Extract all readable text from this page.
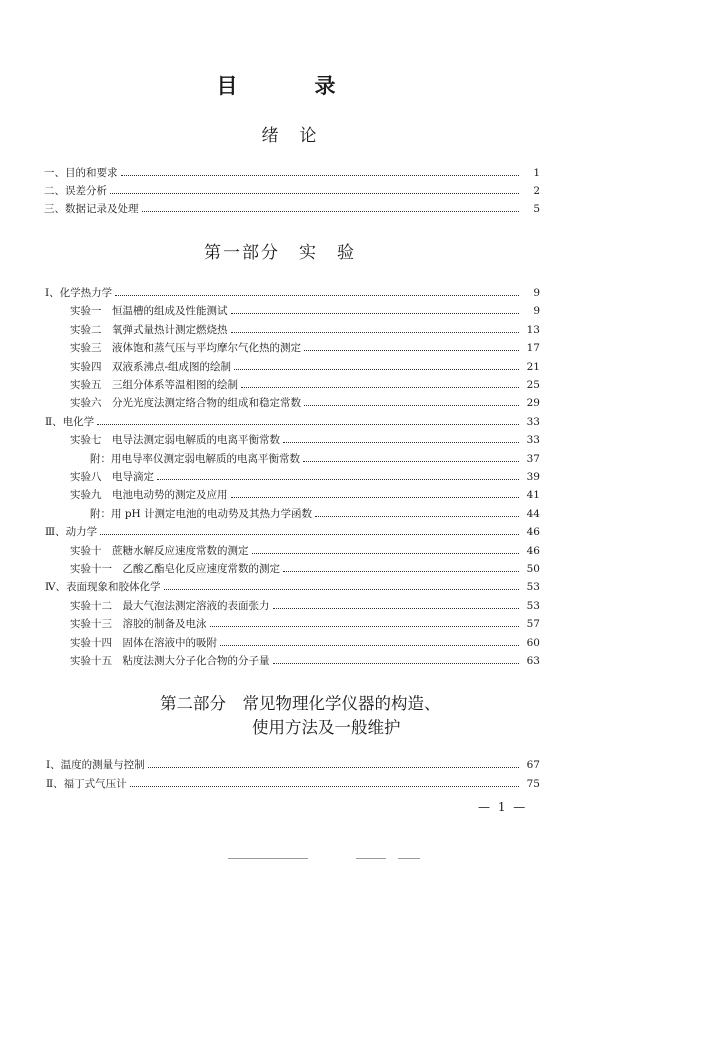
目　录
绪　论
一、目的和要求	1
二、误差分析	2
三、数据记录及处理	5
第一部分　实　验
Ⅰ、化学热力学	9
实验一　恒温槽的组成及性能测试	9
实验二　氧弹式量热计测定燃烧热	13
实验三　液体饱和蒸气压与平均摩尔气化热的测定	17
实验四　双液系沸点-组成图的绘制	21
实验五　三组分体系等温相图的绘制	25
实验六　分光光度法测定络合物的组成和稳定常数	29
Ⅱ、电化学	33
实验七　电导法测定弱电解质的电离平衡常数	33
附：用电导率仪测定弱电解质的电离平衡常数	37
实验八　电导滴定	39
实验九　电池电动势的测定及应用	41
附：用 pH 计测定电池的电动势及其热力学函数	44
Ⅲ、动力学	46
实验十　蔗糖水解反应速度常数的测定	46
实验十一　乙酸乙酯皂化反应速度常数的测定	50
Ⅳ、表面现象和胶体化学	53
实验十二　最大气泡法测定溶液的表面张力	53
实验十三　溶胶的制备及电泳	57
实验十四　固体在溶液中的吸附	60
实验十五　粘度法测大分子化合物的分子量	63
第二部分　常见物理化学仪器的构造、
使用方法及一般维护
Ⅰ、温度的测量与控制	67
Ⅱ、福丁式气压计	75
— 1 —
